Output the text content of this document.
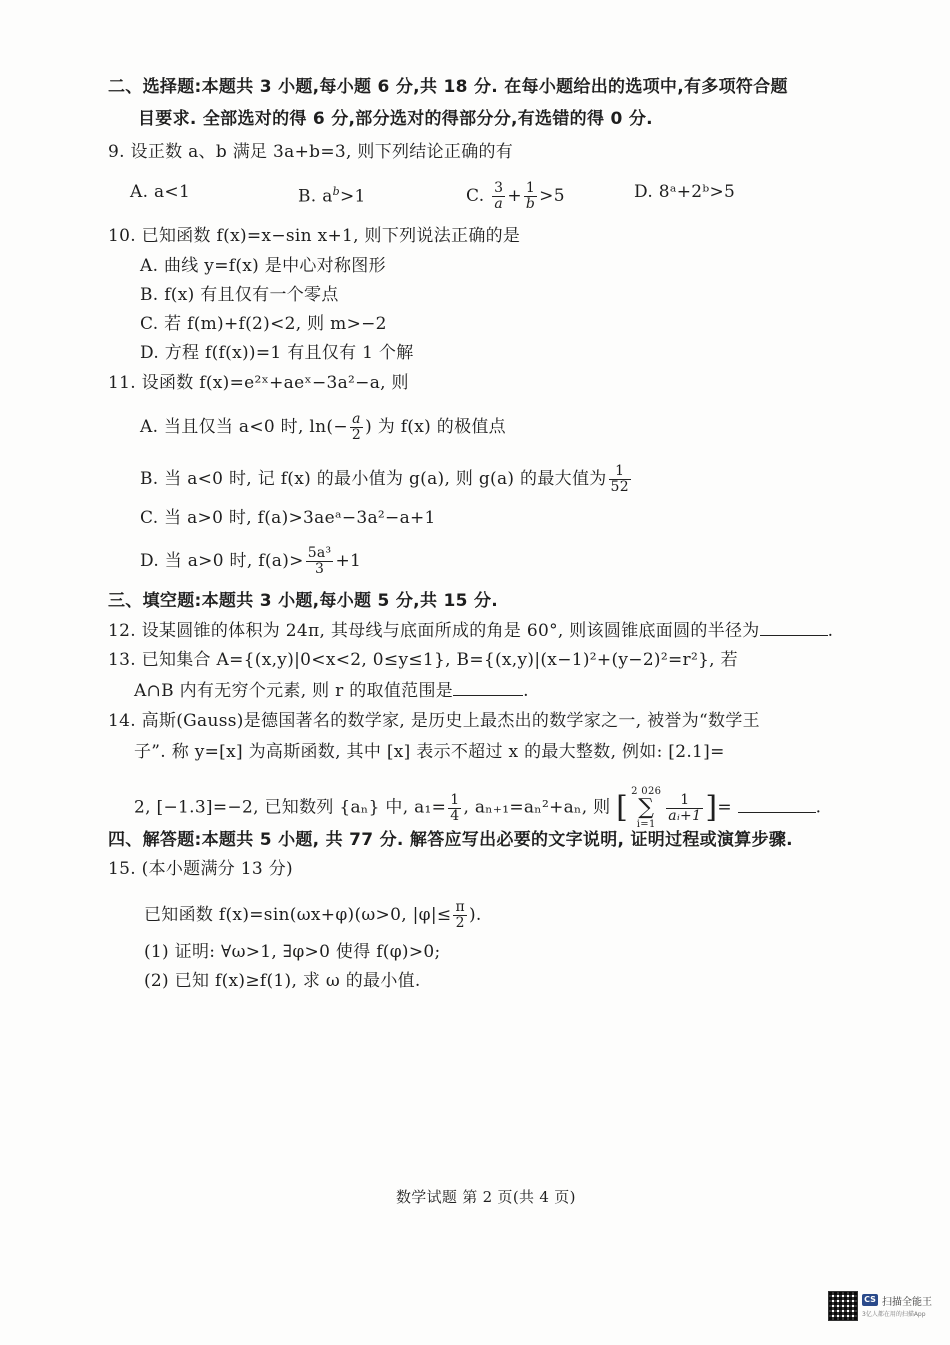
二、选择题:本题共 3 小题,每小题 6 分,共 18 分. 在每小题给出的选项中,有多项符合题
目要求. 全部选对的得 6 分,部分选对的得部分分,有选错的得 0 分.
9. 设正数 a、b 满足 3a+b=3, 则下列结论正确的有
A. a<1	B. $a^b>1$	C. $\frac{3}{a} + \frac{1}{b} >5$	D. 8ᵃ+2ᵇ>5
10. 已知函数 f(x)=x−sin x+1, 则下列说法正确的是
A. 曲线 y=f(x) 是中心对称图形
B. f(x) 有且仅有一个零点
C. 若 f(m)+f(2)<2, 则 m>−2
D. 方程 f(f(x))=1 有且仅有 1 个解
11. 设函数 f(x)=e²ˣ+aeˣ−3a²−a, 则
A. 当且仅当 a<0 时, $\ln(- \frac{a}{2}$ ) 为 f(x) 的极值点
B. 当 a<0 时, 记 f(x) 的最小值为 g(a), 则 g(a) 的最大值为 $\frac{1}{52}$
C. 当 a>0 时, f(a)>3aeᵃ−3a²−a+1
D. 当 a>0 时, $f(a)> \frac{\text{5a³}}{3} +1$
三、填空题:本题共 3 小题,每小题 5 分,共 15 分.
12. 设某圆锥的体积为 24π, 其母线与底面所成的角是 60°, 则该圆锥底面圆的半径为	.
13. 已知集合 A={(x,y)|0<x<2, 0≤y≤1}, B={(x,y)|(x−1)²+(y−2)²=r²}, 若
A∩B 内有无穷个元素, 则 r 的取值范围是	.
14. 高斯(Gauss)是德国著名的数学家, 是历史上最杰出的数学家之一, 被誉为“数学王
子”. 称 y=[x] 为高斯函数, 其中 [x] 表示不超过 x 的最大整数, 例如: [2.1]=
2, [−1.3]=−2, 已知数列 {aₙ} 中, $a_1= \frac{1}{4}$ , aₙ₊₁=aₙ²+aₙ, 则 [ 2 026
∑
i=1
$\frac{1}{\text{aᵢ+1}}$ ]=	.
四、解答题:本题共 5 小题, 共 77 分. 解答应写出必要的文字说明, 证明过程或演算步骤.
15. (本小题满分 13 分)
已知函数 f(x)=sin(ωx+φ)(ω>0, $|\varphi|\le \frac{\pi}{2}$ ).
(1) 证明: ∀ω>1, ∃φ>0 使得 f(φ)>0;
(2) 已知 f(x)≥f(1), 求 ω 的最小值.
数学试题 第 2 页(共 4 页)
CS 扫描全能王
3亿人都在用的扫描App
